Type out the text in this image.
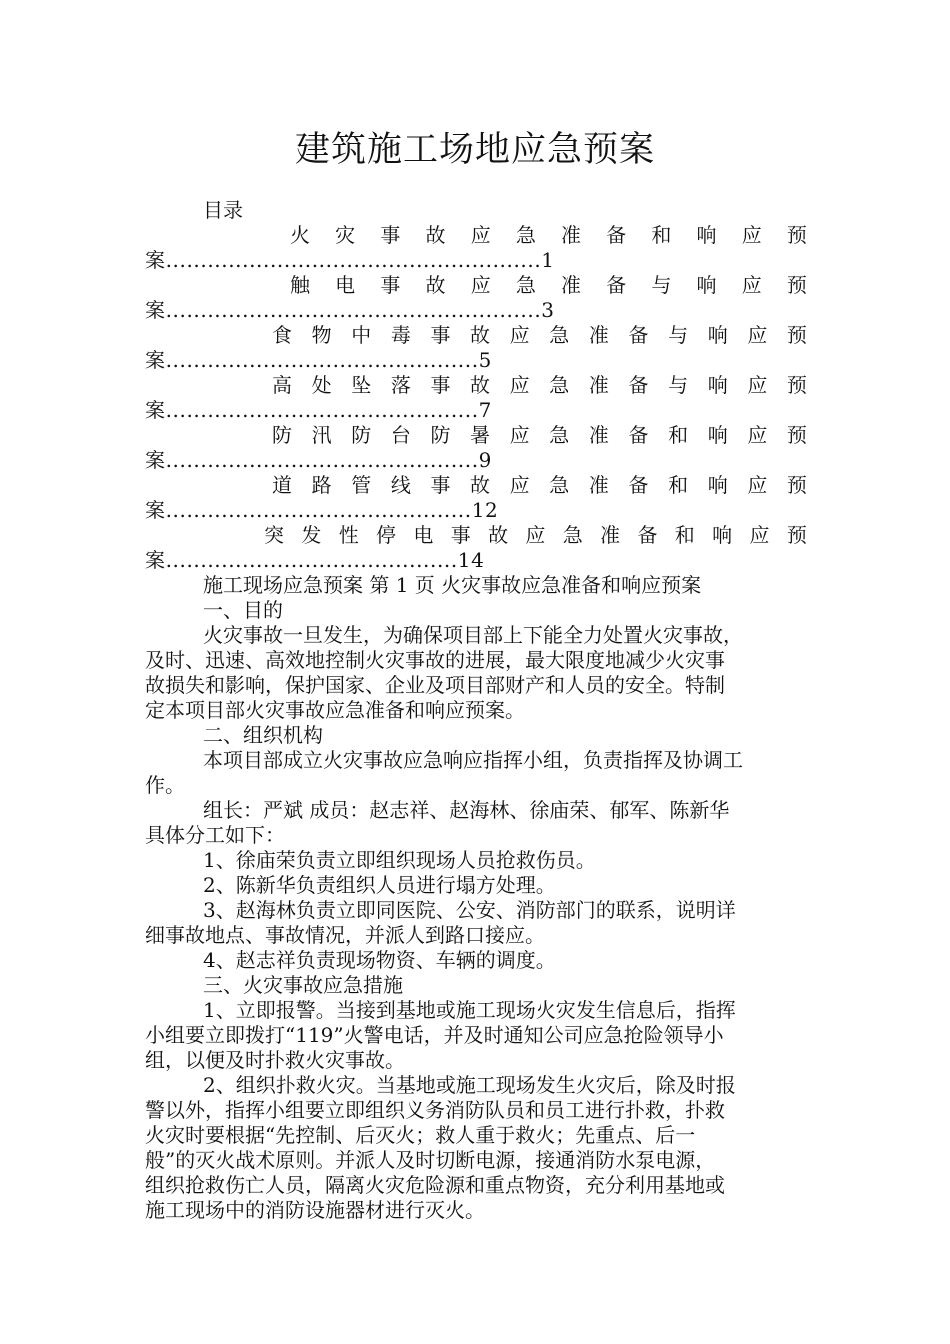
建筑施工场地应急预案
目录
火 灾 事 故 应 急 准 备 和 响 应 预
案......................................................1
触 电 事 故 应 急 准 备 与 响 应 预
案......................................................3
食 物 中 毒 事 故 应 急 准 备 与 响 应 预
案.............................................5
高 处 坠 落 事 故 应 急 准 备 与 响 应 预
案.............................................7
防 汛 防 台 防 暑 应 急 准 备 和 响 应 预
案.............................................9
道 路 管 线 事 故 应 急 准 备 和 响 应 预
案............................................12
突 发 性 停 电 事 故 应 急 准 备 和 响 应 预
案..........................................14
施工现场应急预案 第 1 页 火灾事故应急准备和响应预案
一、目的
火灾事故一旦发生，为确保项目部上下能全力处置火灾事故，
及时、迅速、高效地控制火灾事故的进展，最大限度地减少火灾事
故损失和影响，保护国家、企业及项目部财产和人员的安全。特制
定本项目部火灾事故应急准备和响应预案。
二、组织机构
本项目部成立火灾事故应急响应指挥小组，负责指挥及协调工
作。
组长：严斌 成员：赵志祥、赵海林、徐庙荣、郁军、陈新华
具体分工如下：
1、徐庙荣负责立即组织现场人员抢救伤员。
2、陈新华负责组织人员进行塌方处理。
3、赵海林负责立即同医院、公安、消防部门的联系，说明详
细事故地点、事故情况，并派人到路口接应。
4、赵志祥负责现场物资、车辆的调度。
三、火灾事故应急措施
1、立即报警。当接到基地或施工现场火灾发生信息后，指挥
小组要立即拨打“119”火警电话，并及时通知公司应急抢险领导小
组，以便及时扑救火灾事故。
2、组织扑救火灾。当基地或施工现场发生火灾后，除及时报
警以外，指挥小组要立即组织义务消防队员和员工进行扑救，扑救
火灾时要根据“先控制、后灭火；救人重于救火；先重点、后一
般”的灭火战术原则。并派人及时切断电源，接通消防水泵电源，
组织抢救伤亡人员，隔离火灾危险源和重点物资，充分利用基地或
施工现场中的消防设施器材进行灭火。
